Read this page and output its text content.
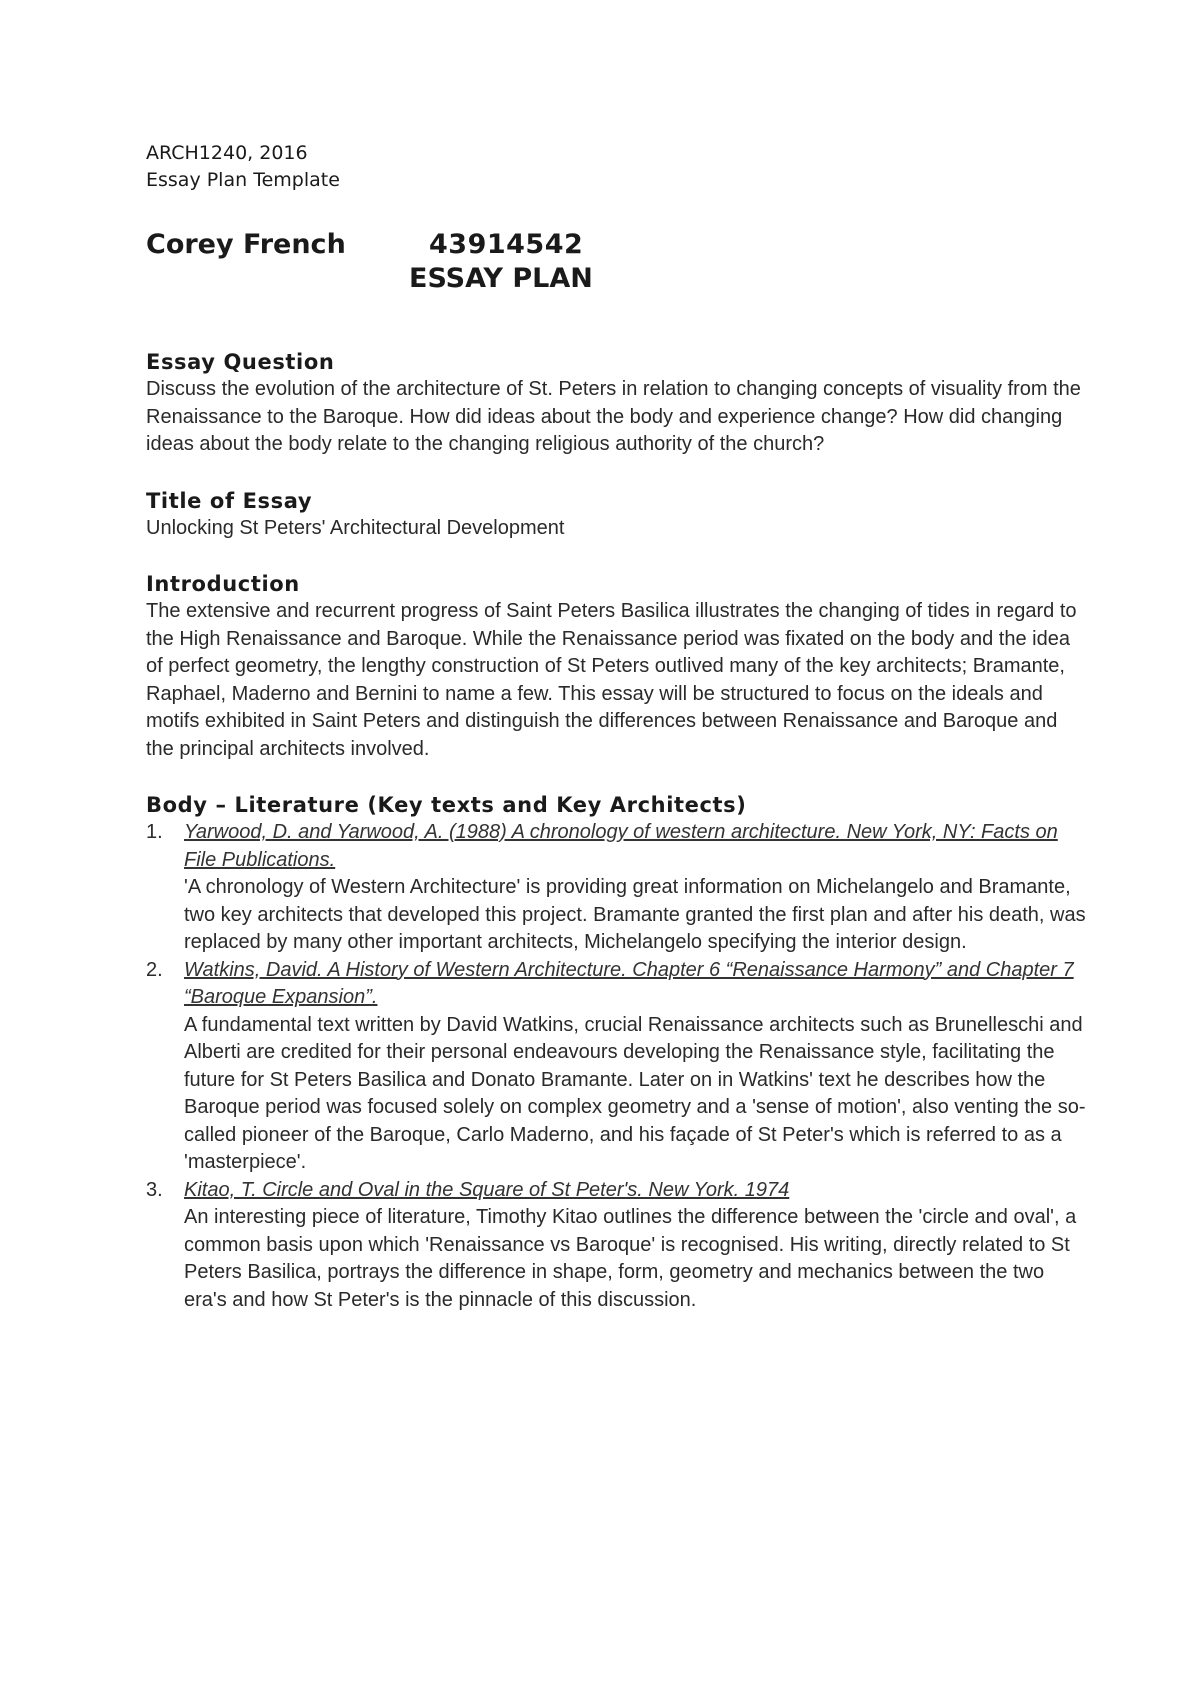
ARCH1240, 2016

Essay Plan Template

Corey French	43914542

ESSAY PLAN

Essay Question

Discuss the evolution of the architecture of St. Peters in relation to changing concepts of visuality from the Renaissance to the Baroque. How did ideas about the body and experience change? How did changing ideas about the body relate to the changing religious authority of the church?

Title of Essay

Unlocking St Peters' Architectural Development

Introduction

The extensive and recurrent progress of Saint Peters Basilica illustrates the changing of tides in regard to the High Renaissance and Baroque. While the Renaissance period was fixated on the body and the idea of perfect geometry, the lengthy construction of St Peters outlived many of the key architects; Bramante, Raphael, Maderno and Bernini to name a few. This essay will be structured to focus on the ideals and motifs exhibited in Saint Peters and distinguish the differences between Renaissance and Baroque and the principal architects involved.

Body – Literature (Key texts and Key Architects)
1. Yarwood, D. and Yarwood, A. (1988) A chronology of western architecture. New York, NY: Facts on File Publications.

'A chronology of Western Architecture' is providing great information on Michelangelo and Bramante, two key architects that developed this project. Bramante granted the first plan and after his death, was replaced by many other important architects, Michelangelo specifying the interior design.

2. Watkins, David. A History of Western Architecture. Chapter 6 “Renaissance Harmony” and Chapter 7 “Baroque Expansion”.

A fundamental text written by David Watkins, crucial Renaissance architects such as Brunelleschi and Alberti are credited for their personal endeavours developing the Renaissance style, facilitating the future for St Peters Basilica and Donato Bramante. Later on in Watkins' text he describes how the Baroque period was focused solely on complex geometry and a 'sense of motion', also venting the so-called pioneer of the Baroque, Carlo Maderno, and his façade of St Peter's which is referred to as a 'masterpiece'.

3. Kitao, T. Circle and Oval in the Square of St Peter's. New York. 1974

An interesting piece of literature, Timothy Kitao outlines the difference between the 'circle and oval', a common basis upon which 'Renaissance vs Baroque' is recognised. His writing, directly related to St Peters Basilica, portrays the difference in shape, form, geometry and mechanics between the two era's and how St Peter's is the pinnacle of this discussion.
